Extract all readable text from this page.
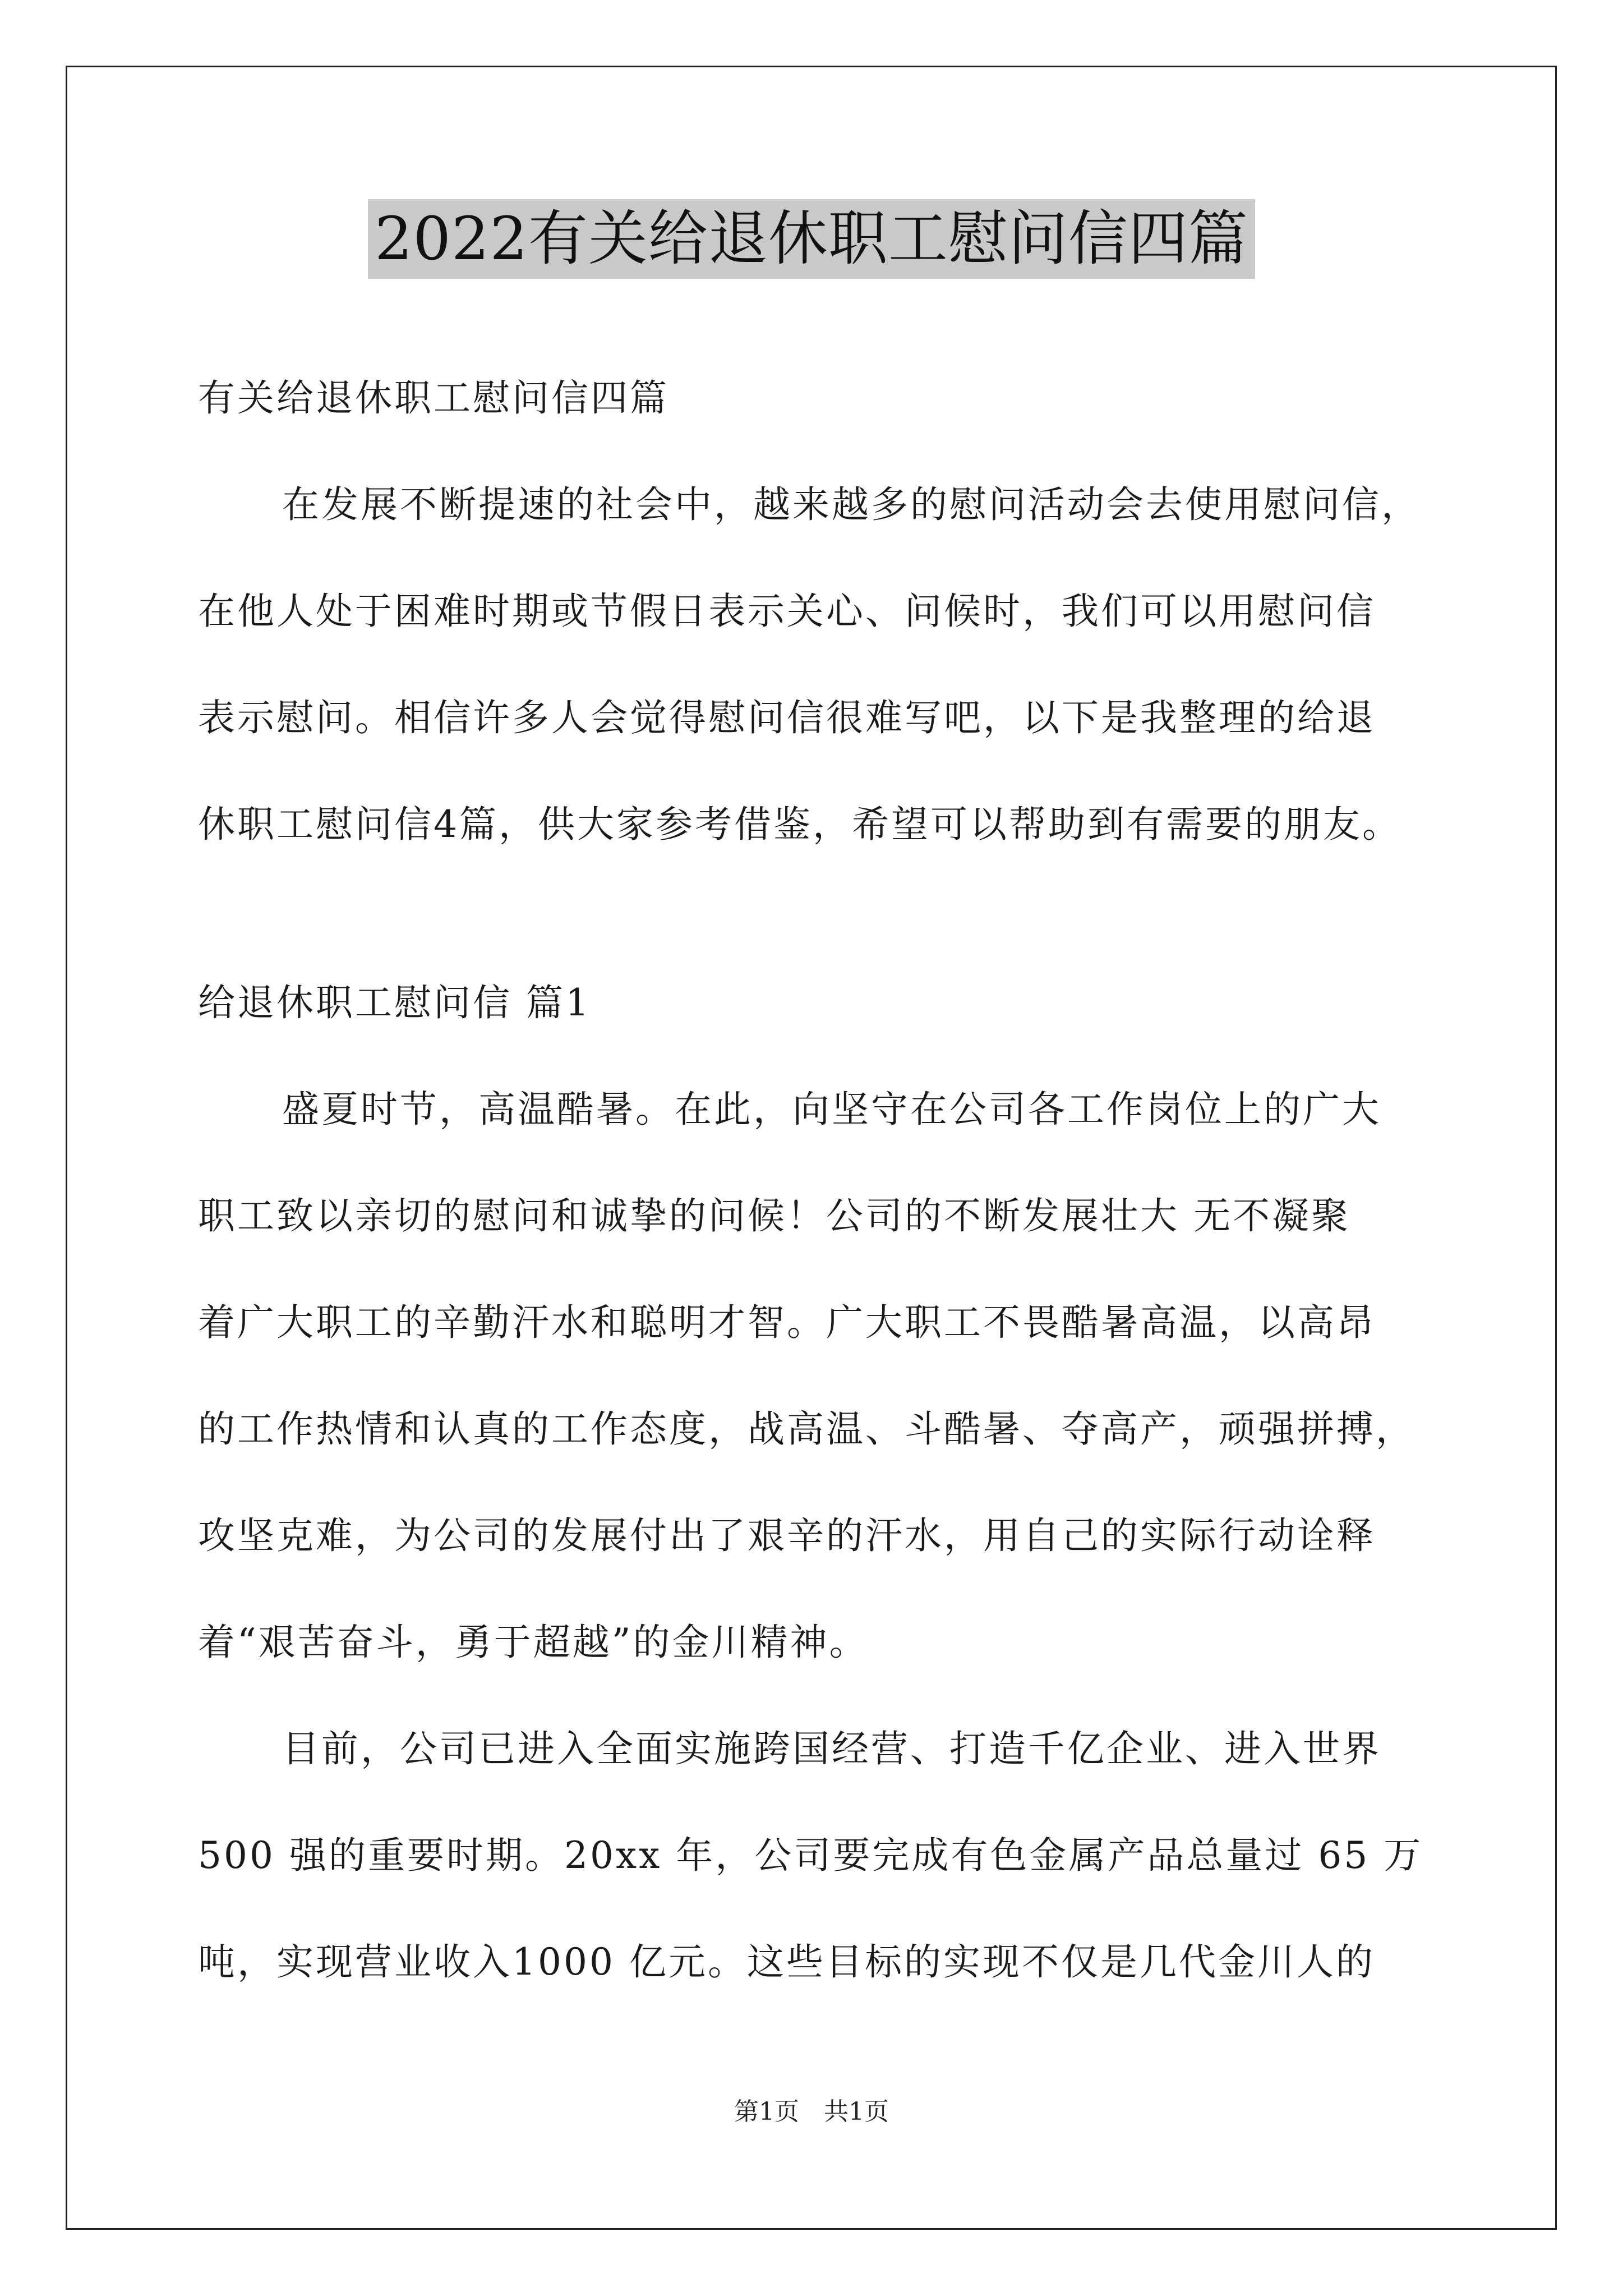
2022有关给退休职工慰问信四篇
有关给退休职工慰问信四篇
在发展不断提速的社会中，越来越多的慰问活动会去使用慰问信，
在他人处于困难时期或节假日表示关心、问候时，我们可以用慰问信
表示慰问。相信许多人会觉得慰问信很难写吧，以下是我整理的给退
休职工慰问信4篇，供大家参考借鉴，希望可以帮助到有需要的朋友。
给退休职工慰问信 篇1
盛夏时节，高温酷暑。在此，向坚守在公司各工作岗位上的广大
职工致以亲切的慰问和诚挚的问候！公司的不断发展壮大 无不凝聚
着广大职工的辛勤汗水和聪明才智。广大职工不畏酷暑高温，以高昂
的工作热情和认真的工作态度，战高温、斗酷暑、夺高产，顽强拼搏，
攻坚克难，为公司的发展付出了艰辛的汗水，用自己的实际行动诠释
着“艰苦奋斗，勇于超越”的金川精神。
目前，公司已进入全面实施跨国经营、打造千亿企业、进入世界
500 强的重要时期。20xx 年，公司要完成有色金属产品总量过 65 万
吨，实现营业收入1000 亿元。这些目标的实现不仅是几代金川人的
第1页　共1页
